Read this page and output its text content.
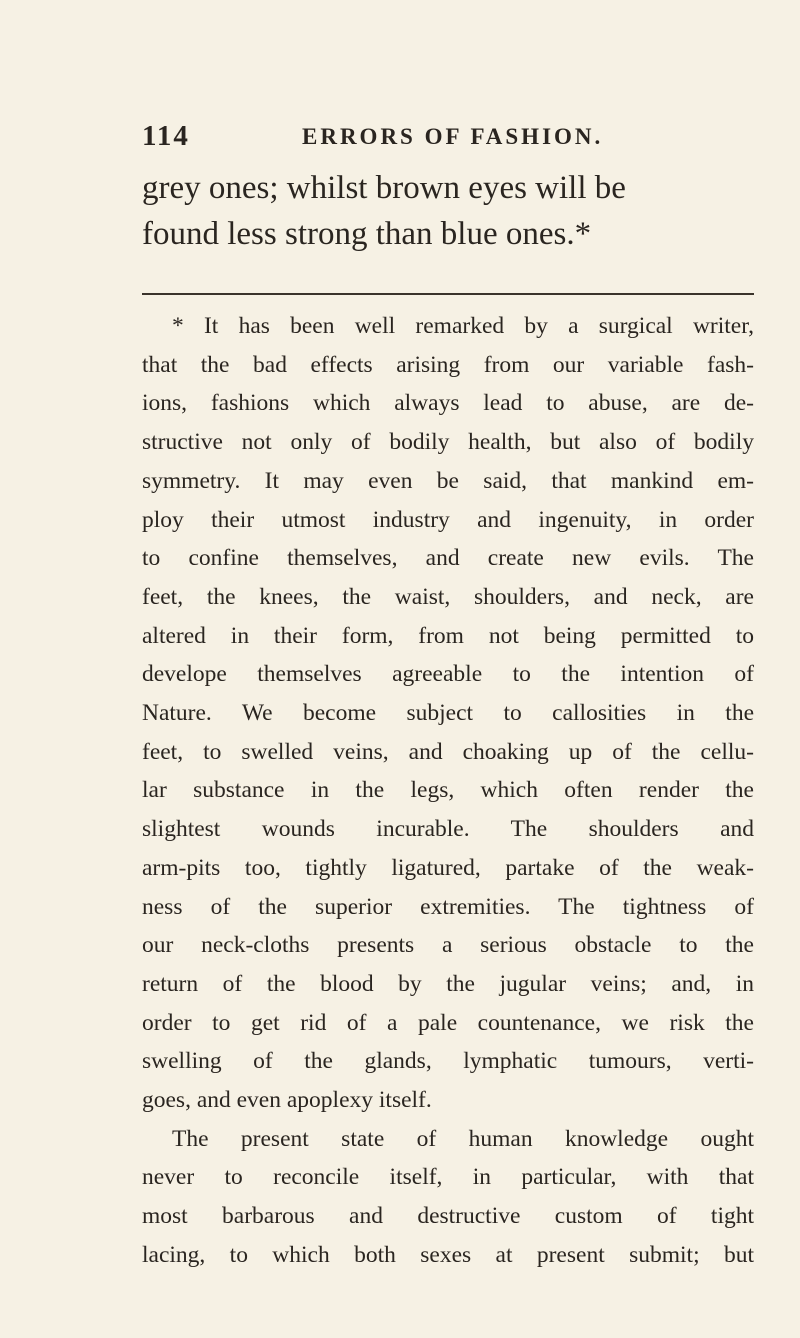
114	ERRORS OF FASHION.
grey ones; whilst brown eyes will be
found less strong than blue ones.*
* It has been well remarked by a surgical writer,
that the bad effects arising from our variable fash-
ions, fashions which always lead to abuse, are de-
structive not only of bodily health, but also of bodily
symmetry. It may even be said, that mankind em-
ploy their utmost industry and ingenuity, in order
to confine themselves, and create new evils. The
feet, the knees, the waist, shoulders, and neck, are
altered in their form, from not being permitted to
develope themselves agreeable to the intention of
Nature. We become subject to callosities in the
feet, to swelled veins, and choaking up of the cellu-
lar substance in the legs, which often render the
slightest wounds incurable. The shoulders and
arm-pits too, tightly ligatured, partake of the weak-
ness of the superior extremities. The tightness of
our neck-cloths presents a serious obstacle to the
return of the blood by the jugular veins; and, in
order to get rid of a pale countenance, we risk the
swelling of the glands, lymphatic tumours, verti-
goes, and even apoplexy itself.
The present state of human knowledge ought
never to reconcile itself, in particular, with that
most barbarous and destructive custom of tight
lacing, to which both sexes at present submit; but
